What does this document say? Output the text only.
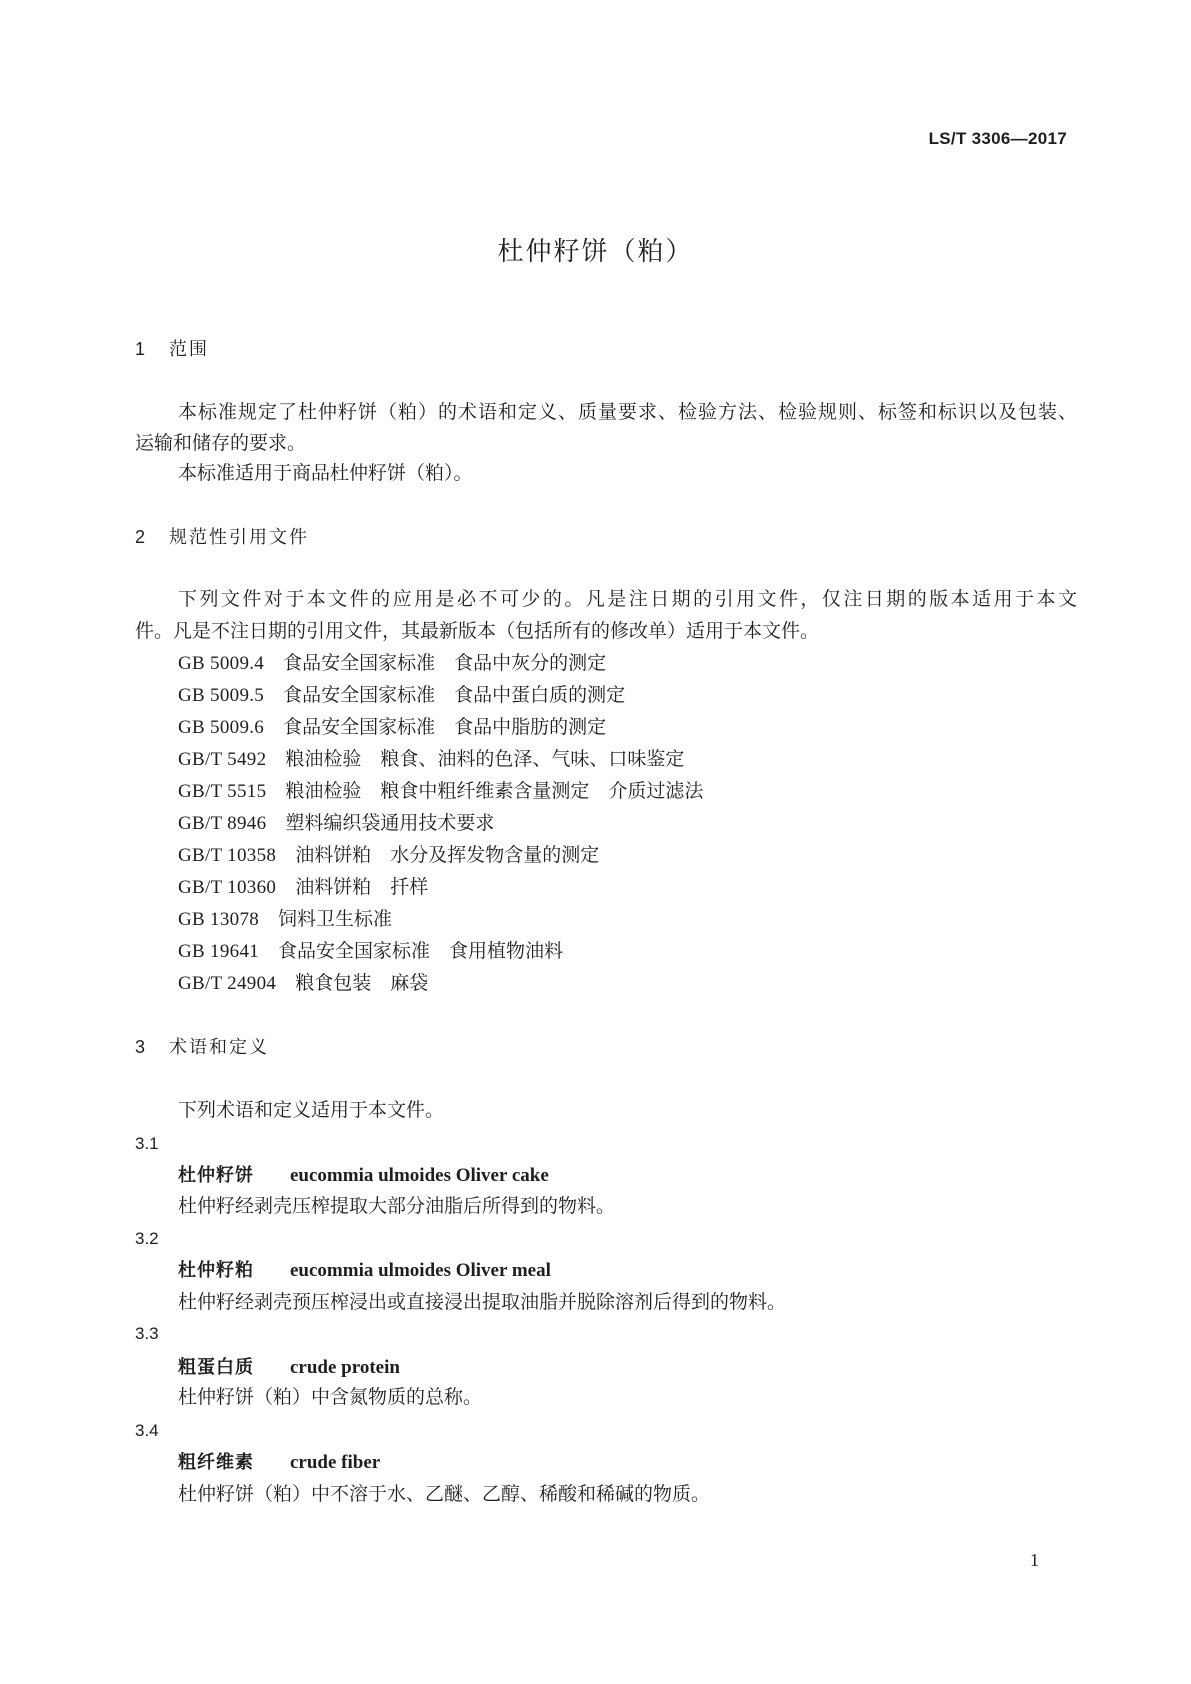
LS/T 3306—2017
杜仲籽饼（粕）
1 范围
本标准规定了杜仲籽饼（粕）的术语和定义、质量要求、检验方法、检验规则、标签和标识以及包装、
运输和储存的要求。
本标准适用于商品杜仲籽饼（粕）。
2 规范性引用文件
下列文件对于本文件的应用是必不可少的。凡是注日期的引用文件，仅注日期的版本适用于本文
件。凡是不注日期的引用文件，其最新版本（包括所有的修改单）适用于本文件。
GB 5009.4 食品安全国家标准　食品中灰分的测定
GB 5009.5 食品安全国家标准　食品中蛋白质的测定
GB 5009.6 食品安全国家标准　食品中脂肪的测定
GB/T 5492 粮油检验　粮食、油料的色泽、气味、口味鉴定
GB/T 5515 粮油检验　粮食中粗纤维素含量测定　介质过滤法
GB/T 8946 塑料编织袋通用技术要求
GB/T 10358 油料饼粕　水分及挥发物含量的测定
GB/T 10360 油料饼粕　扦样
GB 13078 饲料卫生标准
GB 19641 食品安全国家标准　食用植物油料
GB/T 24904 粮食包装　麻袋
3 术语和定义
下列术语和定义适用于本文件。
3.1
杜仲籽饼 eucommia ulmoides Oliver cake
杜仲籽经剥壳压榨提取大部分油脂后所得到的物料。
3.2
杜仲籽粕 eucommia ulmoides Oliver meal
杜仲籽经剥壳预压榨浸出或直接浸出提取油脂并脱除溶剂后得到的物料。
3.3
粗蛋白质 crude protein
杜仲籽饼（粕）中含氮物质的总称。
3.4
粗纤维素 crude fiber
杜仲籽饼（粕）中不溶于水、乙醚、乙醇、稀酸和稀碱的物质。
1
